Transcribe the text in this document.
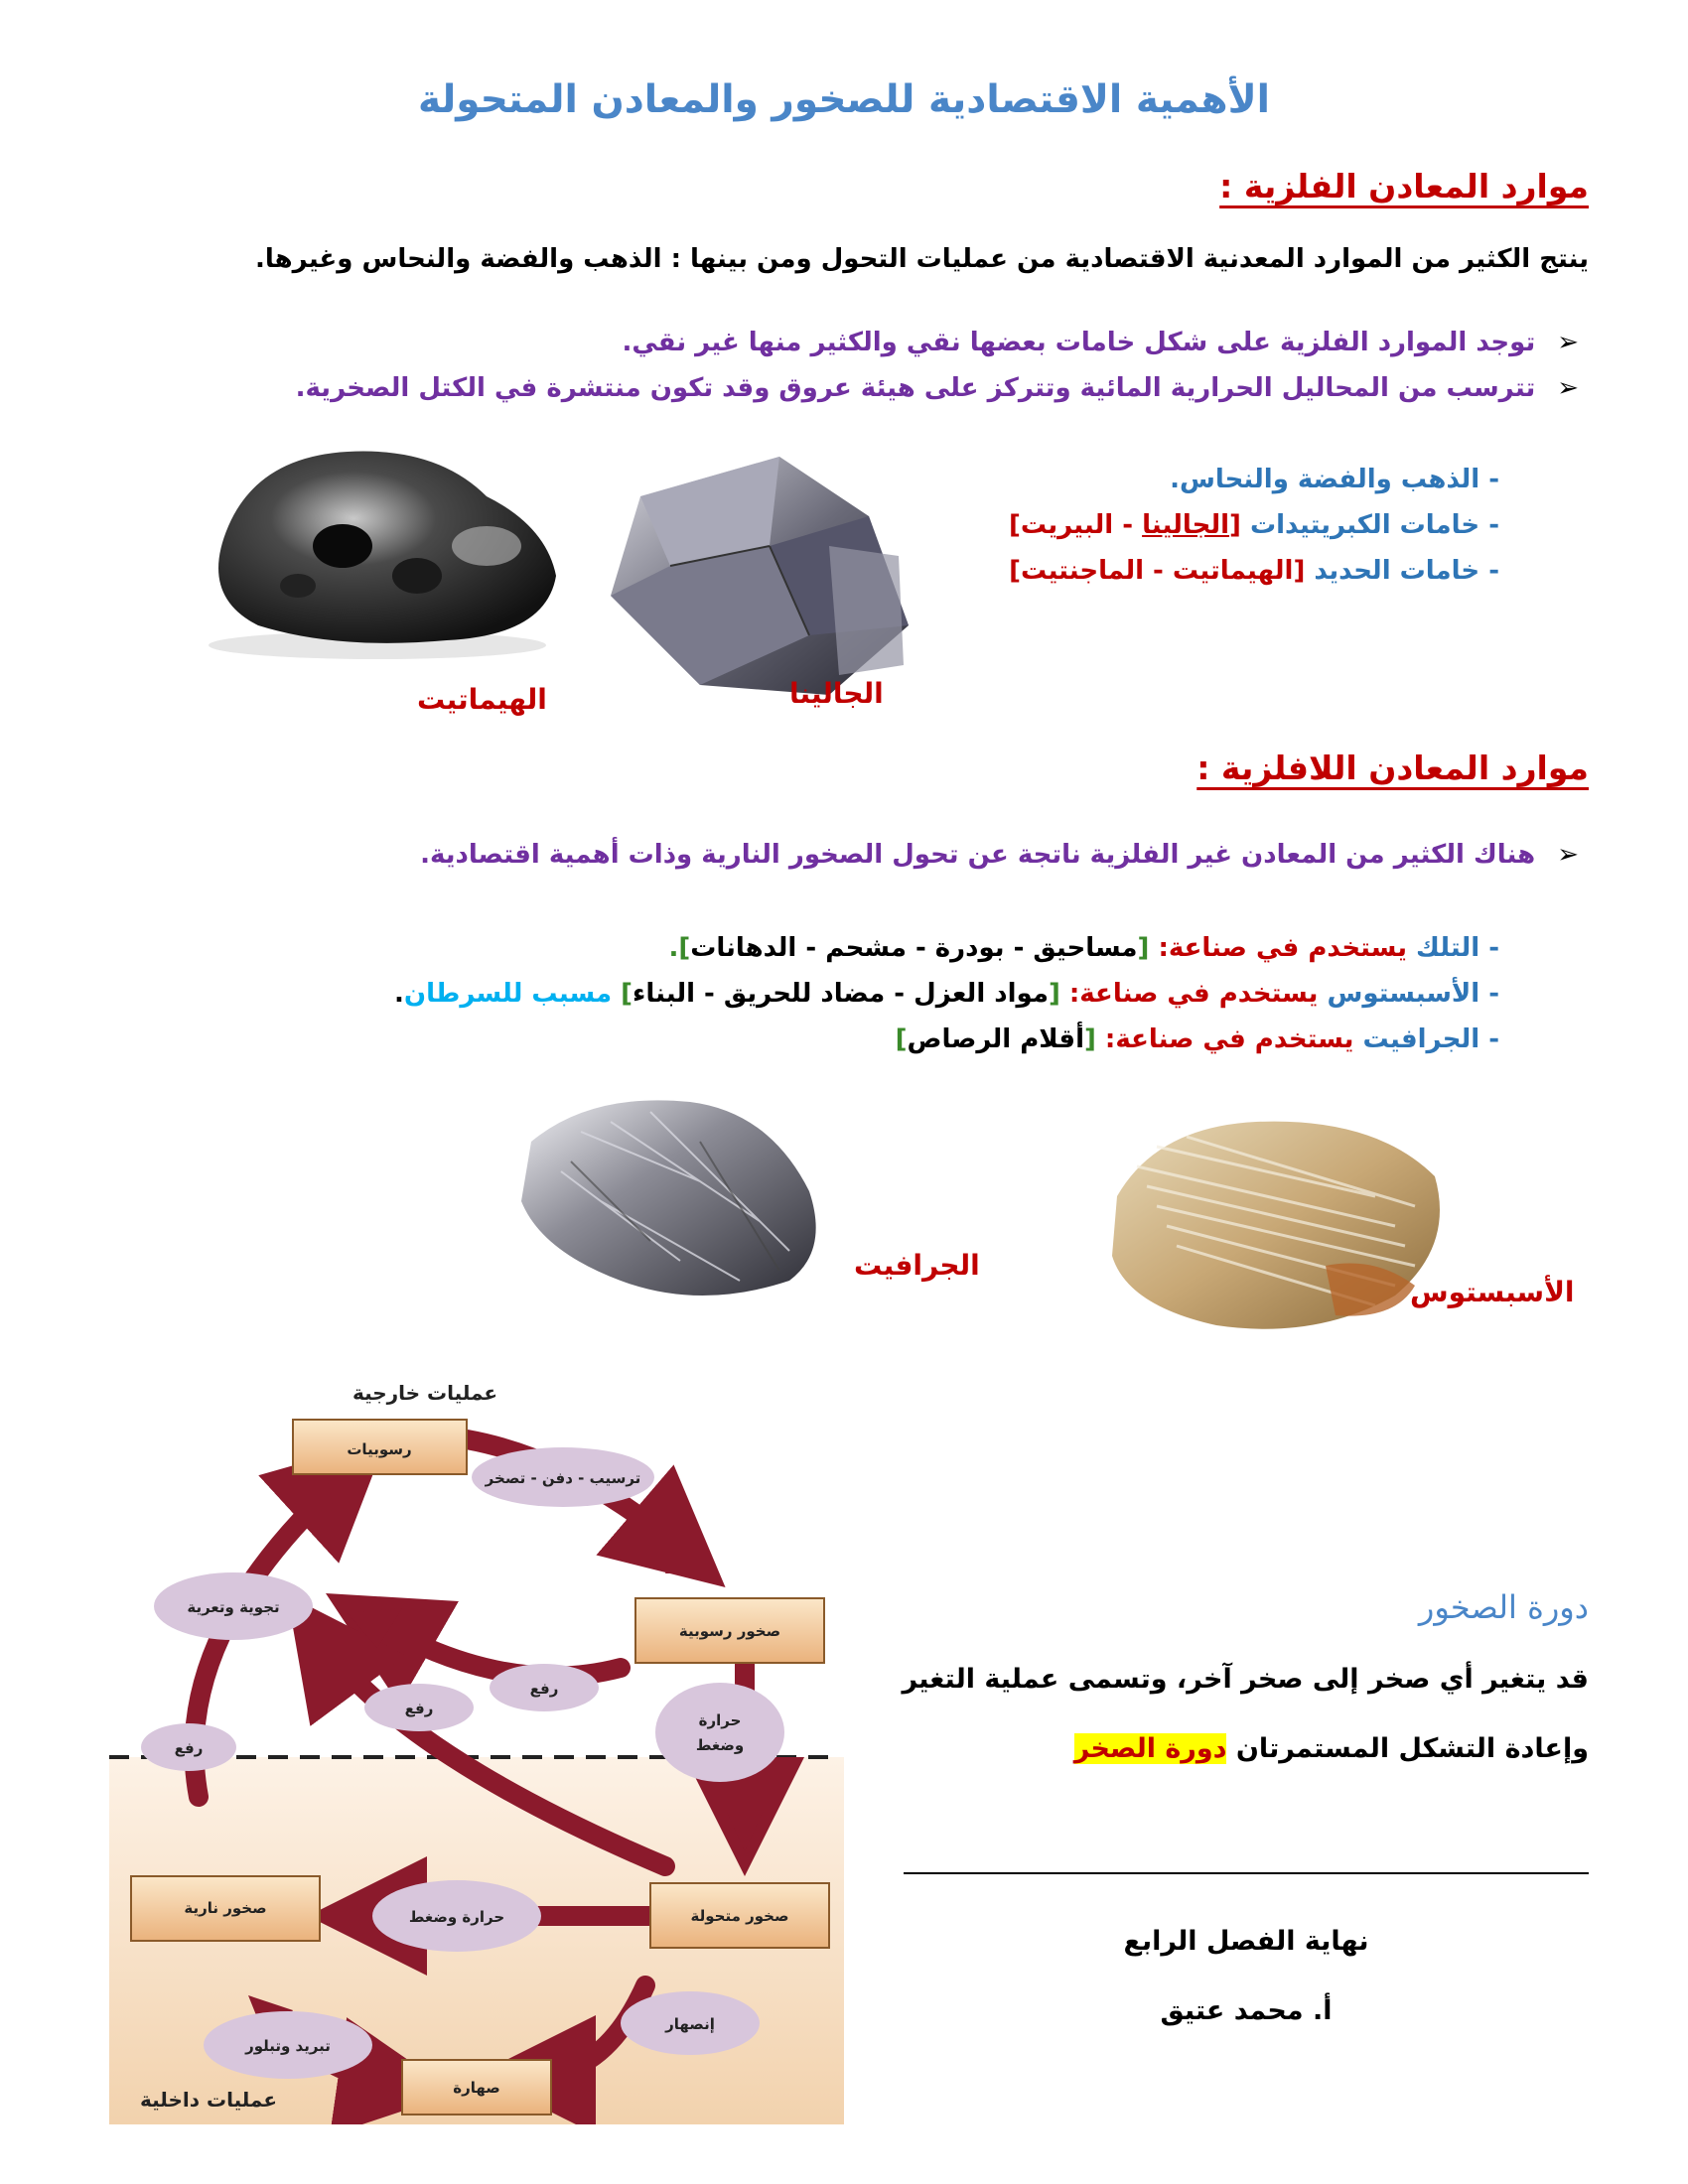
الأهمية الاقتصادية للصخور والمعادن المتحولة
موارد المعادن الفلزية :
ينتج الكثير من الموارد المعدنية الاقتصادية من عمليات التحول ومن بينها : الذهب والفضة والنحاس وغيرها.
➢توجد الموارد الفلزية على شكل خامات بعضها نقي والكثير منها غير نقي.
➢تترسب من المحاليل الحرارية المائية وتتركز على هيئة عروق وقد تكون منتشرة في الكتل الصخرية.
- الذهب والفضة والنحاس.
- خامات الكبريتيدات [الجالينا - البيريت]
- خامات الحديد [الهيماتيت - الماجنتيت]
الهيماتيت	الجالينا
موارد المعادن اللافلزية :
➢هناك الكثير من المعادن غير الفلزية ناتجة عن تحول الصخور النارية وذات أهمية اقتصادية.
- التلك يستخدم في صناعة: [مساحيق - بودرة - مشحم - الدهانات].
- الأسبستوس يستخدم في صناعة: [مواد العزل - مضاد للحريق - البناء] مسبب للسرطان.
- الجرافيت يستخدم في صناعة: [أقلام الرصاص]
الجرافيت
الأسبستوس
عمليات خارجية
رسوبيات
ترسيب - دفن - تصخر
صخور رسوبية
تجوية وتعرية
رفع
رفع
رفع
حرارة
وضغط
صخور نارية	حرارة وضغط	صخور متحولة
إنصهار
تبريد وتبلور
صهارة
عمليات داخلية
دورة الصخور
قد يتغير أي صخر إلى صخر آخر، وتسمى عملية التغير
وإعادة التشكل المستمرتان دورة الصخر
نهاية الفصل الرابع
أ. محمد عتيق
